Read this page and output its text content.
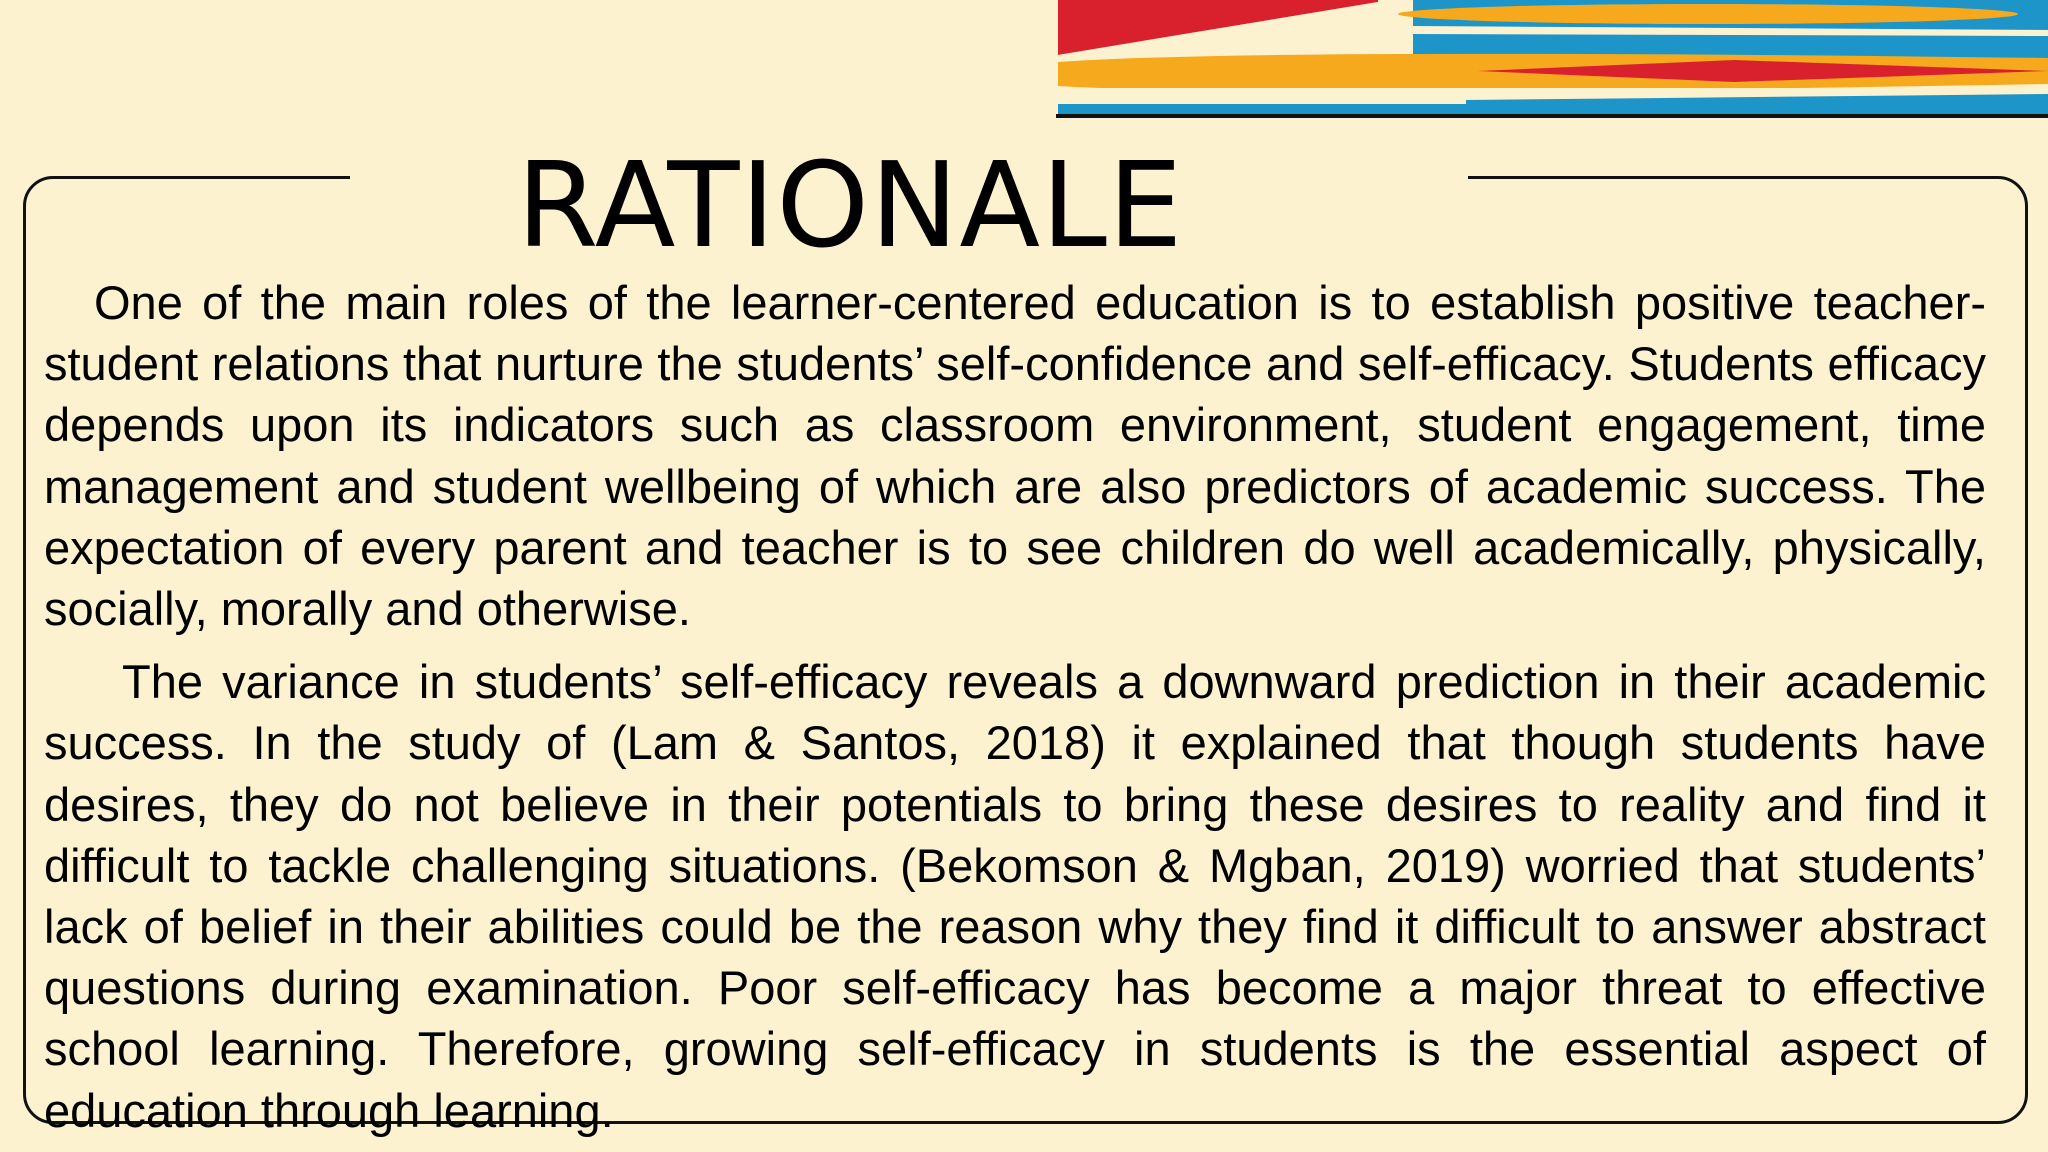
RATIONALE

One of the main roles of the learner-centered education is to establish positive teacher-student relations that nurture the students’ self-confidence and self-efficacy. Students efficacy depends upon its indicators such as classroom environment, student engagement, time management and student wellbeing of which are also predictors of academic success. The expectation of every parent and teacher is to see children do well academically, physically, socially, morally and otherwise.

The variance in students’ self-efficacy reveals a downward prediction in their academic success. In the study of (Lam & Santos, 2018) it explained that though students have desires, they do not believe in their potentials to bring these desires to reality and find it difficult to tackle challenging situations. (Bekomson & Mgban, 2019) worried that students’ lack of belief in their abilities could be the reason why they find it difficult to answer abstract questions during examination. Poor self-efficacy has become a major threat to effective school learning. Therefore, growing self-efficacy in students is the essential aspect of education through learning.
